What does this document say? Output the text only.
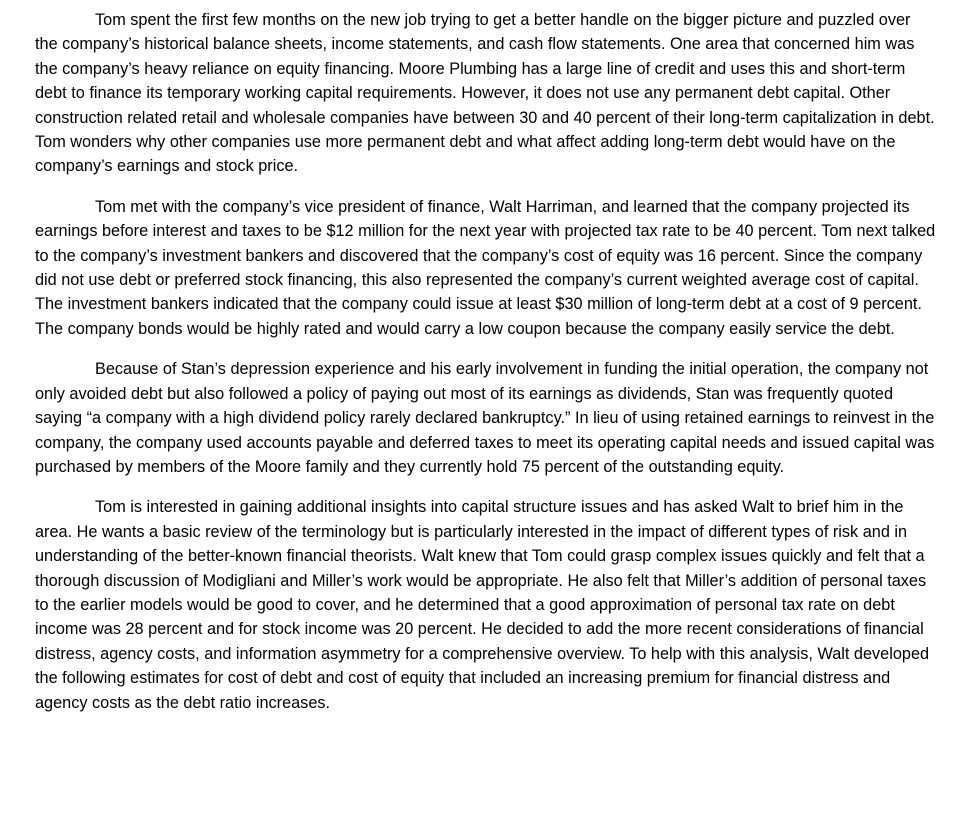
Tom spent the first few months on the new job trying to get a better handle on the bigger picture and puzzled over the company’s historical balance sheets, income statements, and cash flow statements. One area that concerned him was the company’s heavy reliance on equity financing. Moore Plumbing has a large line of credit and uses this and short-term debt to finance its temporary working capital requirements. However, it does not use any permanent debt capital. Other construction related retail and wholesale companies have between 30 and 40 percent of their long-term capitalization in debt. Tom wonders why other companies use more permanent debt and what affect adding long-term debt would have on the company’s earnings and stock price.

Tom met with the company’s vice president of finance, Walt Harriman, and learned that the company projected its earnings before interest and taxes to be $12 million for the next year with projected tax rate to be 40 percent. Tom next talked to the company’s investment bankers and discovered that the company’s cost of equity was 16 percent. Since the company did not use debt or preferred stock financing, this also represented the company’s current weighted average cost of capital. The investment bankers indicated that the company could issue at least $30 million of long-term debt at a cost of 9 percent. The company bonds would be highly rated and would carry a low coupon because the company easily service the debt.

Because of Stan’s depression experience and his early involvement in funding the initial operation, the company not only avoided debt but also followed a policy of paying out most of its earnings as dividends, Stan was frequently quoted saying “a company with a high dividend policy rarely declared bankruptcy.” In lieu of using retained earnings to reinvest in the company, the company used accounts payable and deferred taxes to meet its operating capital needs and issued capital was purchased by members of the Moore family and they currently hold 75 percent of the outstanding equity.

Tom is interested in gaining additional insights into capital structure issues and has asked Walt to brief him in the area. He wants a basic review of the terminology but is particularly interested in the impact of different types of risk and in understanding of the better-known financial theorists. Walt knew that Tom could grasp complex issues quickly and felt that a thorough discussion of Modigliani and Miller’s work would be appropriate. He also felt that Miller’s addition of personal taxes to the earlier models would be good to cover, and he determined that a good approximation of personal tax rate on debt income was 28 percent and for stock income was 20 percent. He decided to add the more recent considerations of financial distress, agency costs, and information asymmetry for a comprehensive overview. To help with this analysis, Walt developed the following estimates for cost of debt and cost of equity that included an increasing premium for financial distress and agency costs as the debt ratio increases.
